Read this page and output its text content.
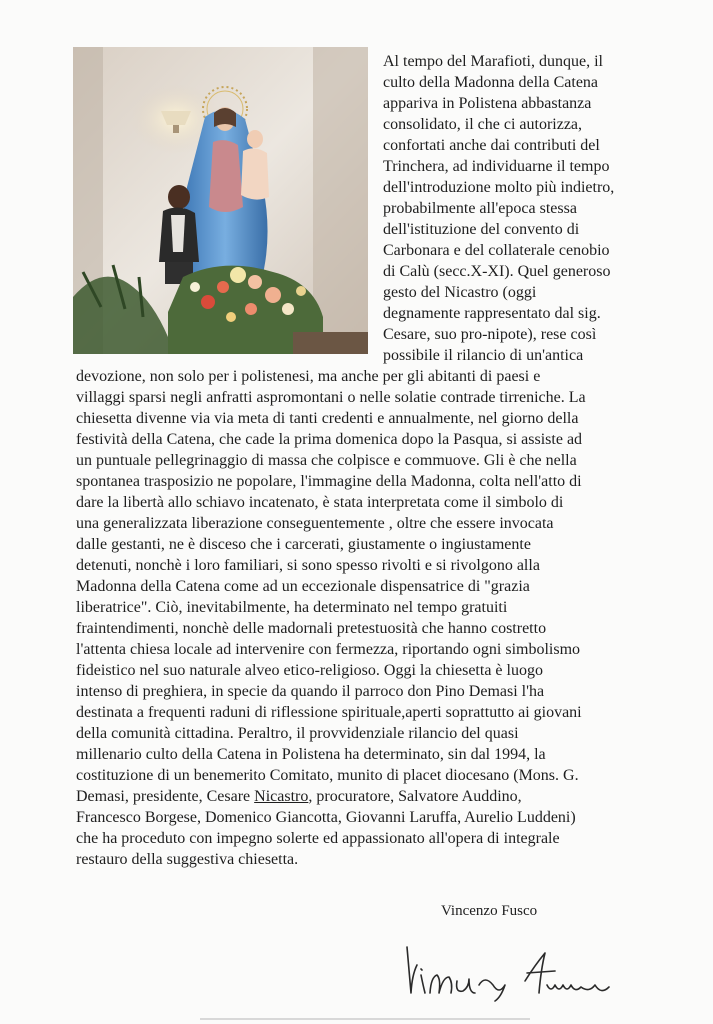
Al tempo del Marafioti, dunque, il
culto della Madonna della Catena
appariva in Polistena abbastanza
consolidato, il che ci autorizza,
confortati anche dai contributi del
Trinchera, ad individuarne il tempo
dell'introduzione molto più indietro,
probabilmente all'epoca stessa
dell'istituzione del convento di
Carbonara e del collaterale cenobio
di Calù (secc.X-XI). Quel generoso
gesto del Nicastro (oggi
degnamente rappresentato dal sig.
Cesare, suo pro-nipote), rese così
possibile il rilancio di un'antica
devozione, non solo per i polistenesi, ma anche per gli abitanti di paesi e
villaggi sparsi negli anfratti aspromontani o nelle solatie contrade tirreniche. La
chiesetta divenne via via meta di tanti credenti e annualmente, nel giorno della
festività della Catena, che cade la prima domenica dopo la Pasqua, si assiste ad
un puntuale pellegrinaggio di massa che colpisce e commuove. Gli è che nella
spontanea trasposizio ne popolare, l'immagine della Madonna, colta nell'atto di
dare la libertà allo schiavo incatenato, è stata interpretata come il simbolo di
una generalizzata liberazione conseguentemente , oltre che essere invocata
dalle gestanti, ne è disceso che i carcerati, giustamente o ingiustamente
detenuti, nonchè i loro familiari, si sono spesso rivolti e si rivolgono alla
Madonna della Catena come ad un eccezionale dispensatrice di "grazia
liberatrice". Ciò, inevitabilmente, ha determinato nel tempo gratuiti
fraintendimenti, nonchè delle madornali pretestuosità che hanno costretto
l'attenta chiesa locale ad intervenire con fermezza, riportando ogni simbolismo
fideistico nel suo naturale alveo etico-religioso. Oggi la chiesetta è luogo
intenso di preghiera, in specie da quando il parroco don Pino Demasi l'ha
destinata a frequenti raduni di riflessione spirituale,aperti soprattutto ai giovani
della comunità cittadina. Peraltro, il provvidenziale rilancio del quasi
millenario culto della Catena in Polistena ha determinato, sin dal 1994, la
costituzione di un benemerito Comitato, munito di placet diocesano (Mons. G.
Demasi, presidente, Cesare Nicastro, procuratore, Salvatore Auddino,
Francesco Borgese, Domenico Giancotta, Giovanni Laruffa, Aurelio Luddeni)
che ha proceduto con impegno solerte ed appassionato all'opera di integrale
restauro della suggestiva chiesetta.
Vincenzo Fusco
